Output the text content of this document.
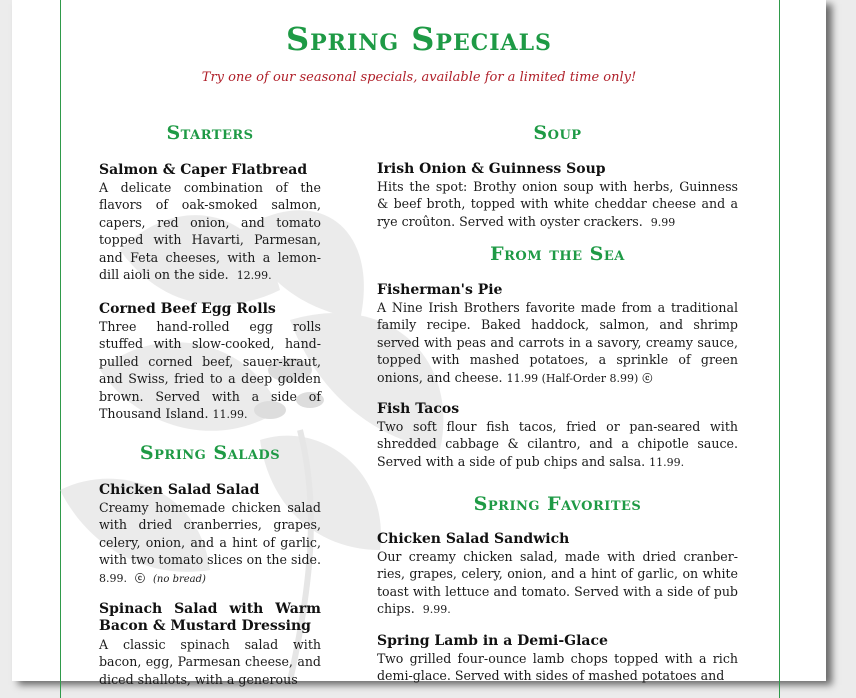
Spring Specials
Try one of our seasonal specials, available for a limited time only!
Starters

Salmon & Caper Flatbread

A delicate combination of the flavors of oak-smoked salmon, capers, red onion, and tomato topped with Havarti, Parmesan, and Feta cheeses, with a lemon-dill aioli on the side. 12.99.

Corned Beef Egg Rolls

Three hand-rolled egg rolls stuffed with slow-cooked, hand-pulled corned beef, sauer-kraut, and Swiss, fried to a deep golden brown. Served with a side of Thousand Island. 11.99.

Spring Salads

Chicken Salad Salad

Creamy homemade chicken salad with dried cranberries, grapes, celery, onion, and a hint of garlic, with two tomato slices on the side. 8.99. ⓒ (no bread)

Spinach Salad with Warm Bacon & Mustard Dressing

A classic spinach salad with bacon, egg, Parmesan cheese, and diced shallots, with a generous

Soup

Irish Onion & Guinness Soup

Hits the spot: Brothy onion soup with herbs, Guinness & beef broth, topped with white cheddar cheese and a rye croûton. Served with oyster crackers. 9.99

From the Sea

Fisherman's Pie

A Nine Irish Brothers favorite made from a traditional family recipe. Baked haddock, salmon, and shrimp served with peas and carrots in a savory, creamy sauce, topped with mashed potatoes, a sprinkle of green onions, and cheese. 11.99 (Half-Order 8.99) ⓒ

Fish Tacos

Two soft flour fish tacos, fried or pan-seared with shredded cabbage & cilantro, and a chipotle sauce. Served with a side of pub chips and salsa. 11.99.

Spring Favorites

Chicken Salad Sandwich

Our creamy chicken salad, made with dried cranber-ries, grapes, celery, onion, and a hint of garlic, on white toast with lettuce and tomato. Served with a side of pub chips. 9.99.

Spring Lamb in a Demi-Glace

Two grilled four-ounce lamb chops topped with a rich demi-glace. Served with sides of mashed potatoes and
